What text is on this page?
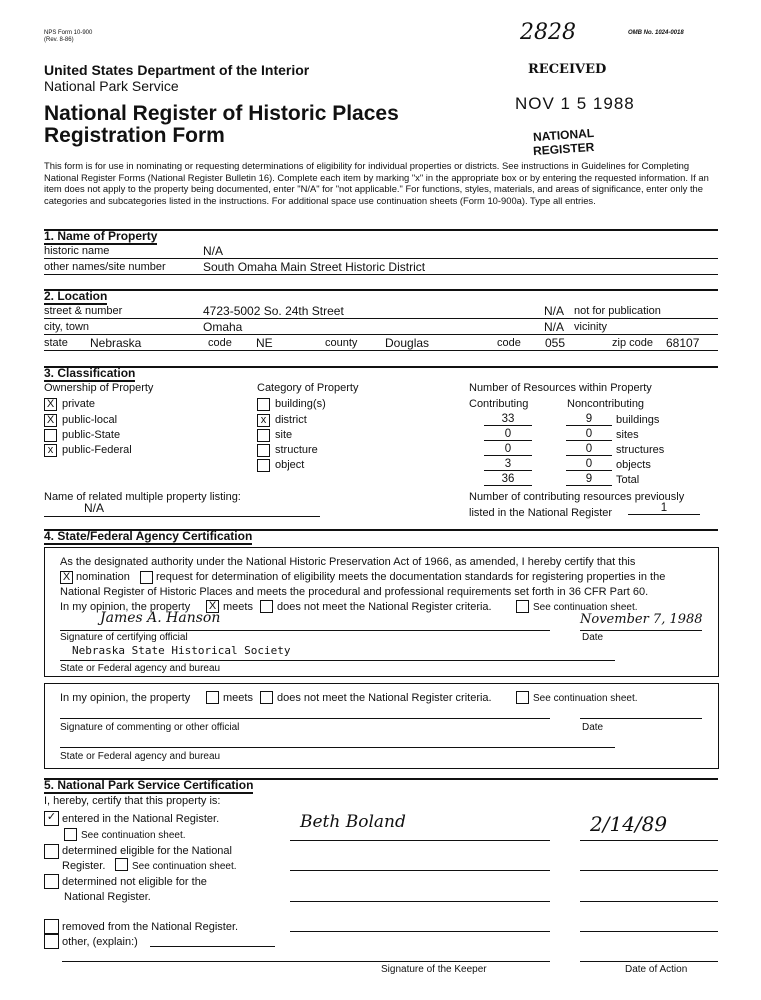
NPS Form 10-900
(Rev. 8-86)	2828	OMB No. 1024-0018
United States Department of the Interior
National Park Service
National Register of Historic Places
Registration Form
RECEIVED
NOV 1 5 1988
NATIONAL
REGISTER
This form is for use in nominating or requesting determinations of eligibility for individual properties or districts. See instructions in Guidelines for Completing National Register Forms (National Register Bulletin 16). Complete each item by marking "x" in the appropriate box or by entering the requested information. If an item does not apply to the property being documented, enter "N/A" for "not applicable." For functions, styles, materials, and areas of significance, enter only the categories and subcategories listed in the instructions. For additional space use continuation sheets (Form 10-900a). Type all entries.
1. Name of Property
historic name	N/A
other names/site number	South Omaha Main Street Historic District
2. Location
street & number	4723-5002 So. 24th Street	N/A not for publication
city, town	Omaha	N/A vicinity
state Nebraska	code NE	county Douglas	code 055	zip code 68107
3. Classification
Ownership of Property	Category of Property	Number of Resources within Property
Contributing	Noncontributing
X private
X public-local
public-State
x public-Federal
building(s)
x district
site
structure
object
33	9	buildings
0	0	sites
0	0	structures
3	0	objects
36	9	Total
Name of related multiple property listing:
N/A
Number of contributing resources previously
listed in the National Register	1
4. State/Federal Agency Certification
As the designated authority under the National Historic Preservation Act of 1966, as amended, I hereby certify that this
X nomination request for determination of eligibility meets the documentation standards for registering properties in the
National Register of Historic Places and meets the procedural and professional requirements set forth in 36 CFR Part 60.
In my opinion, the property X meets does not meet the National Register criteria.	See continuation sheet.
James A. Hanson	November 7, 1988
Signature of certifying official	Date
Nebraska State Historical Society
State or Federal agency and bureau
In my opinion, the property	meets does not meet the National Register criteria.	See continuation sheet.
Signature of commenting or other official	Date
State or Federal agency and bureau
5. National Park Service Certification
I, hereby, certify that this property is:
✓ entered in the National Register.
See continuation sheet.
determined eligible for the National
Register.	See continuation sheet.
determined not eligible for the
National Register.
removed from the National Register.
other, (explain:)
Beth Boland	2/14/89
Signature of the Keeper	Date of Action
